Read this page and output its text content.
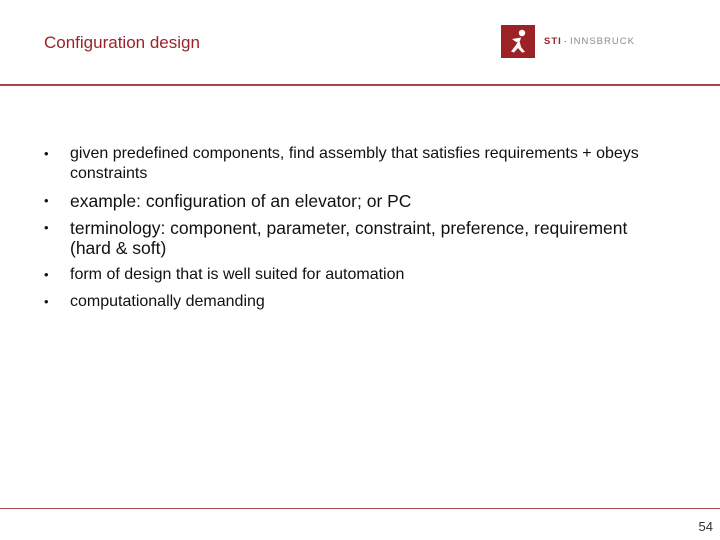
Configuration design	STI · INNSBRUCK
•	given predefined components, find assembly that satisfies requirements + obeys constraints
•	example: configuration of an elevator; or PC
•	terminology: component, parameter, constraint, preference, requirement (hard & soft)
•	form of design that is well suited for automation
•	computationally demanding
54
